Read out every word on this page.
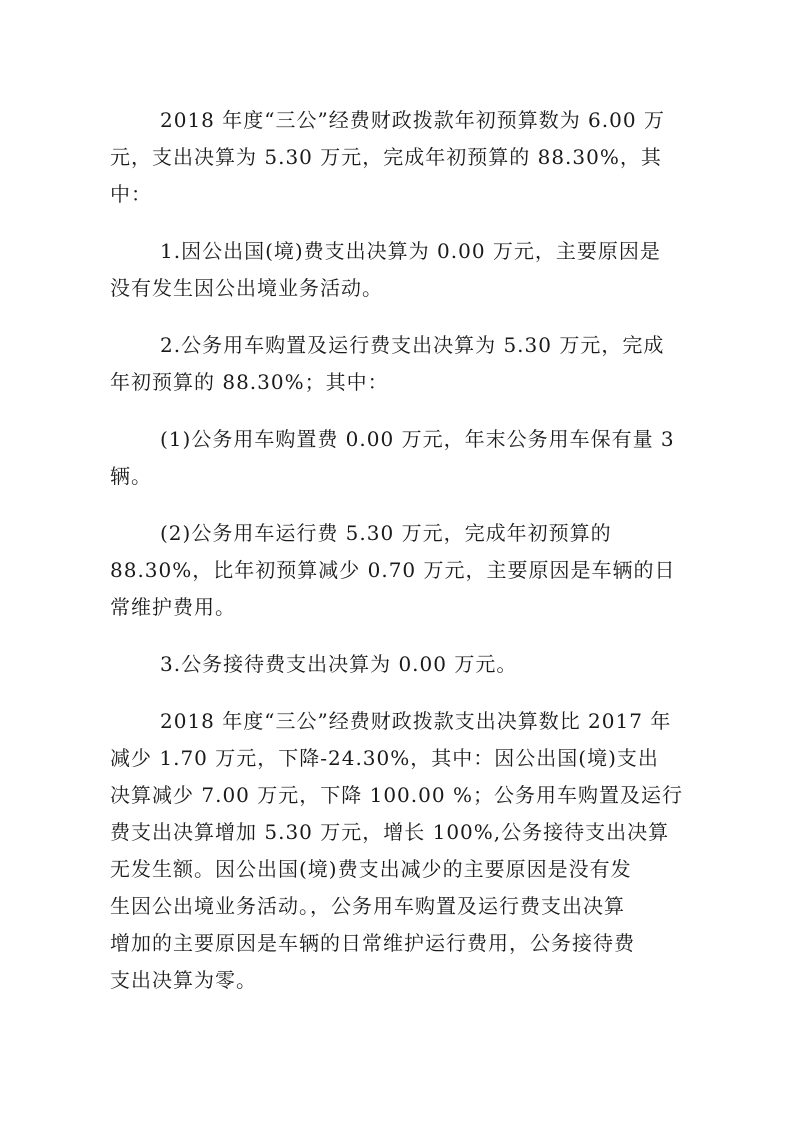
2018 年度“三公”经费财政拨款年初预算数为 6.00 万
元，支出决算为 5.30 万元，完成年初预算的 88.30%，其
中：

1.因公出国(境)费支出决算为 0.00 万元，主要原因是
没有发生因公出境业务活动。

2.公务用车购置及运行费支出决算为 5.30 万元，完成
年初预算的 88.30%；其中：

(1)公务用车购置费 0.00 万元，年末公务用车保有量 3
辆。

(2)公务用车运行费 5.30 万元，完成年初预算的
88.30%，比年初预算减少 0.70 万元，主要原因是车辆的日
常维护费用。

3.公务接待费支出决算为 0.00 万元。

2018 年度“三公”经费财政拨款支出决算数比 2017 年
减少 1.70 万元，下降-24.30%，其中：因公出国(境)支出
决算减少 7.00 万元，下降 100.00 %；公务用车购置及运行
费支出决算增加 5.30 万元，增长 100%,公务接待支出决算
无发生额。因公出国(境)费支出减少的主要原因是没有发
生因公出境业务活动。，公务用车购置及运行费支出决算
增加的主要原因是车辆的日常维护运行费用，公务接待费
支出决算为零。
